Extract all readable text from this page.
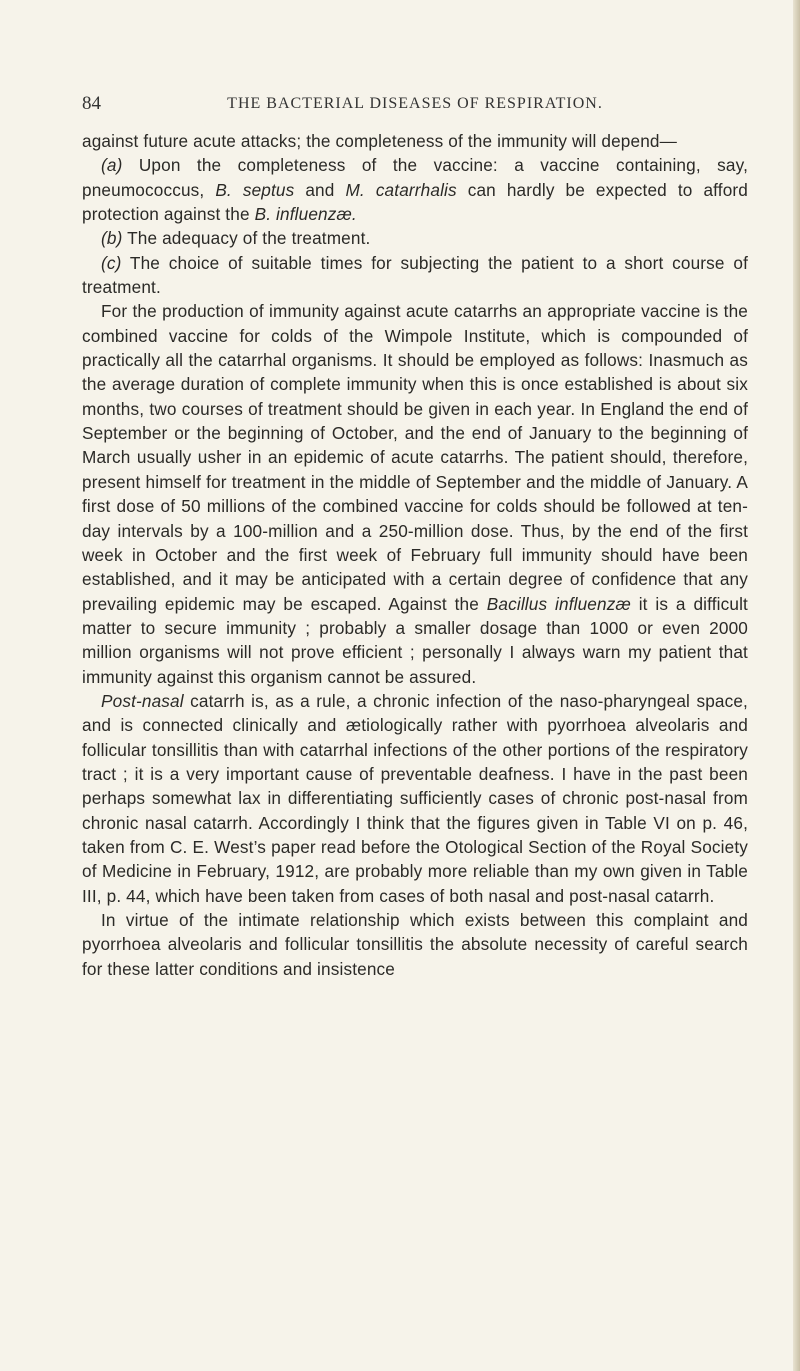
84	THE BACTERIAL DISEASES OF RESPIRATION.

against future acute attacks; the completeness of the immunity will depend—

(a) Upon the completeness of the vaccine: a vaccine containing, say, pneumococcus, B. septus and M. catarrhalis can hardly be expected to afford protection against the B. influenzæ.

(b) The adequacy of the treatment.

(c) The choice of suitable times for subjecting the patient to a short course of treatment.

For the production of immunity against acute catarrhs an appropriate vaccine is the combined vaccine for colds of the Wimpole Institute, which is compounded of practically all the catarrhal organisms. It should be employed as follows: Inasmuch as the average duration of complete immunity when this is once established is about six months, two courses of treatment should be given in each year. In England the end of September or the beginning of October, and the end of January to the beginning of March usually usher in an epidemic of acute catarrhs. The patient should, therefore, present himself for treatment in the middle of September and the middle of January. A first dose of 50 millions of the combined vaccine for colds should be followed at ten-day intervals by a 100-million and a 250-million dose. Thus, by the end of the first week in October and the first week of February full immunity should have been established, and it may be anticipated with a certain degree of confidence that any prevailing epidemic may be escaped. Against the Bacillus influenzæ it is a difficult matter to secure immunity ; probably a smaller dosage than 1000 or even 2000 million organisms will not prove efficient ; personally I always warn my patient that immunity against this organism cannot be assured.

Post-nasal catarrh is, as a rule, a chronic infection of the naso-pharyngeal space, and is connected clinically and ætiologically rather with pyorrhoea alveolaris and follicular tonsillitis than with catarrhal infections of the other portions of the respiratory tract ; it is a very important cause of preventable deafness. I have in the past been perhaps somewhat lax in differentiating sufficiently cases of chronic post-nasal from chronic nasal catarrh. Accordingly I think that the figures given in Table VI on p. 46, taken from C. E. West’s paper read before the Otological Section of the Royal Society of Medicine in February, 1912, are probably more reliable than my own given in Table III, p. 44, which have been taken from cases of both nasal and post-nasal catarrh.

In virtue of the intimate relationship which exists between this complaint and pyorrhoea alveolaris and follicular tonsillitis the absolute necessity of careful search for these latter conditions and insistence
